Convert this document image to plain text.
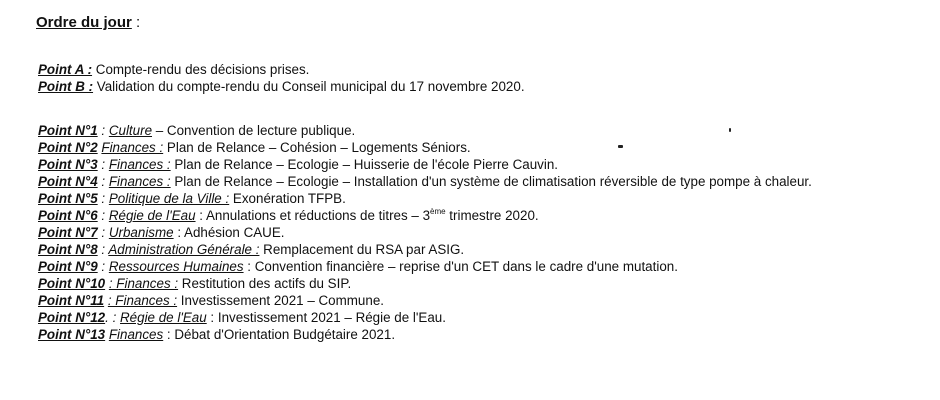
Ordre du jour :
Point A : Compte-rendu des décisions prises.
Point B : Validation du compte-rendu du Conseil municipal du 17 novembre 2020.
Point N°1 : Culture – Convention de lecture publique.
Point N°2 Finances : Plan de Relance – Cohésion – Logements Séniors.
Point N°3 : Finances : Plan de Relance – Ecologie – Huisserie de l'école Pierre Cauvin.
Point N°4 : Finances : Plan de Relance – Ecologie – Installation d'un système de climatisation réversible de type pompe à chaleur.
Point N°5 : Politique de la Ville : Exonération TFPB.
Point N°6 : Régie de l'Eau : Annulations et réductions de titres – 3ème trimestre 2020.
Point N°7 : Urbanisme : Adhésion CAUE.
Point N°8 : Administration Générale : Remplacement du RSA par ASIG.
Point N°9 : Ressources Humaines : Convention financière – reprise d'un CET dans le cadre d'une mutation.
Point N°10 : Finances : Restitution des actifs du SIP.
Point N°11 : Finances : Investissement 2021 – Commune.
Point N°12. : Régie de l'Eau : Investissement 2021 – Régie de l'Eau.
Point N°13 Finances : Débat d'Orientation Budgétaire 2021.
